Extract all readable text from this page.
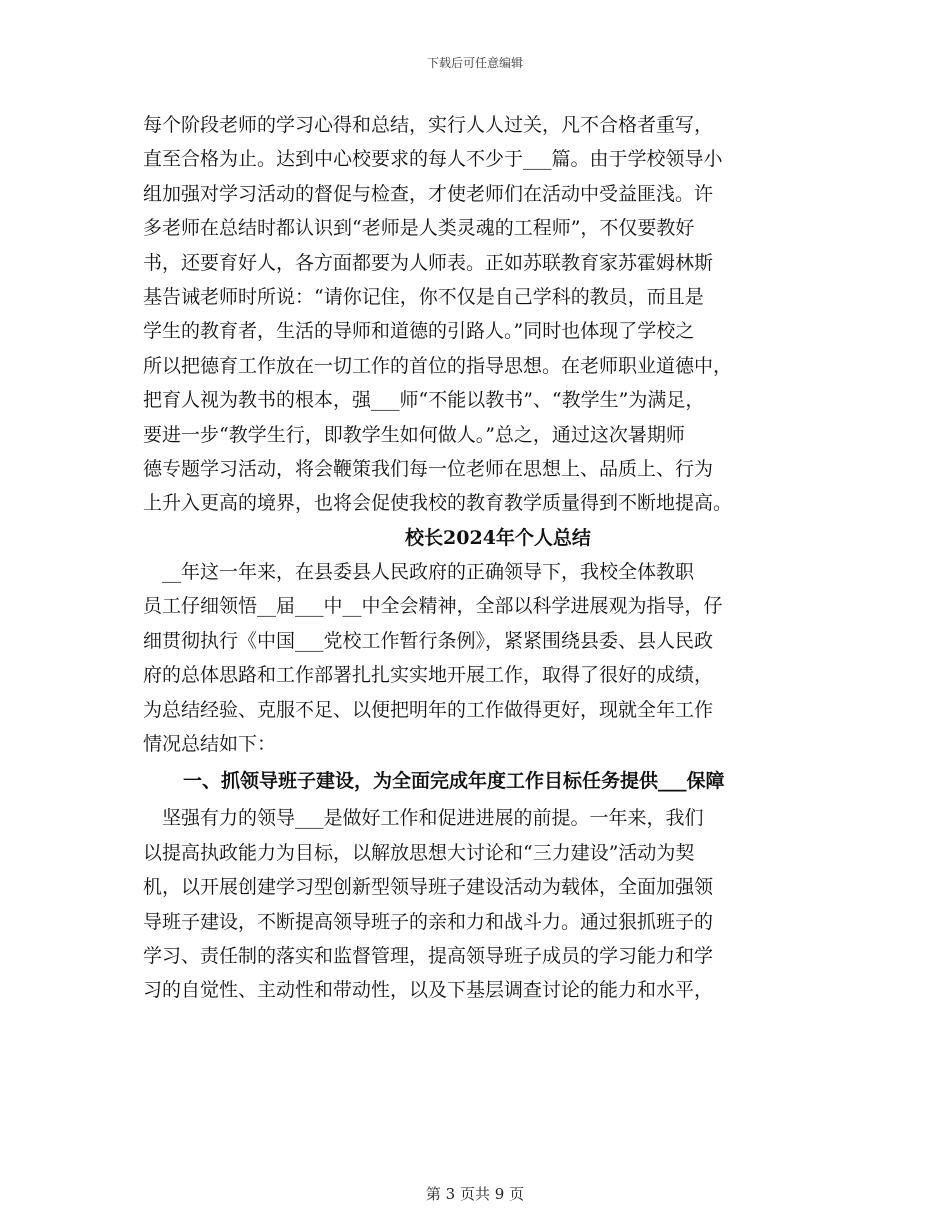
下载后可任意编辑
每个阶段老师的学习心得和总结，实行人人过关，凡不合格者重写，
直至合格为止。达到中心校要求的每人不少于___篇。由于学校领导小
组加强对学习活动的督促与检查，才使老师们在活动中受益匪浅。许
多老师在总结时都认识到“老师是人类灵魂的工程师”，不仅要教好
书，还要育好人，各方面都要为人师表。正如苏联教育家苏霍姆林斯
基告诫老师时所说：“请你记住，你不仅是自己学科的教员，而且是
学生的教育者，生活的导师和道德的引路人。”同时也体现了学校之
所以把德育工作放在一切工作的首位的指导思想。在老师职业道德中，
把育人视为教书的根本，强___师“不能以教书”、“教学生”为满足，
要进一步“教学生行，即教学生如何做人。”总之，通过这次暑期师
德专题学习活动，将会鞭策我们每一位老师在思想上、品质上、行为
上升入更高的境界，也将会促使我校的教育教学质量得到不断地提高。
校长2024年个人总结
　__年这一年来，在县委县人民政府的正确领导下，我校全体教职
员工仔细领悟__届___中__中全会精神，全部以科学进展观为指导，仔
细贯彻执行《中国___党校工作暂行条例》，紧紧围绕县委、县人民政
府的总体思路和工作部署扎扎实实地开展工作，取得了很好的成绩，
为总结经验、克服不足、以便把明年的工作做得更好，现就全年工作
情况总结如下：
一、抓领导班子建设，为全面完成年度工作目标任务提供___保障
　坚强有力的领导___是做好工作和促进进展的前提。一年来，我们
以提高执政能力为目标，以解放思想大讨论和“三力建设”活动为契
机，以开展创建学习型创新型领导班子建设活动为载体，全面加强领
导班子建设，不断提高领导班子的亲和力和战斗力。通过狠抓班子的
学习、责任制的落实和监督管理，提高领导班子成员的学习能力和学
习的自觉性、主动性和带动性，以及下基层调查讨论的能力和水平，
第 3 页共 9 页
